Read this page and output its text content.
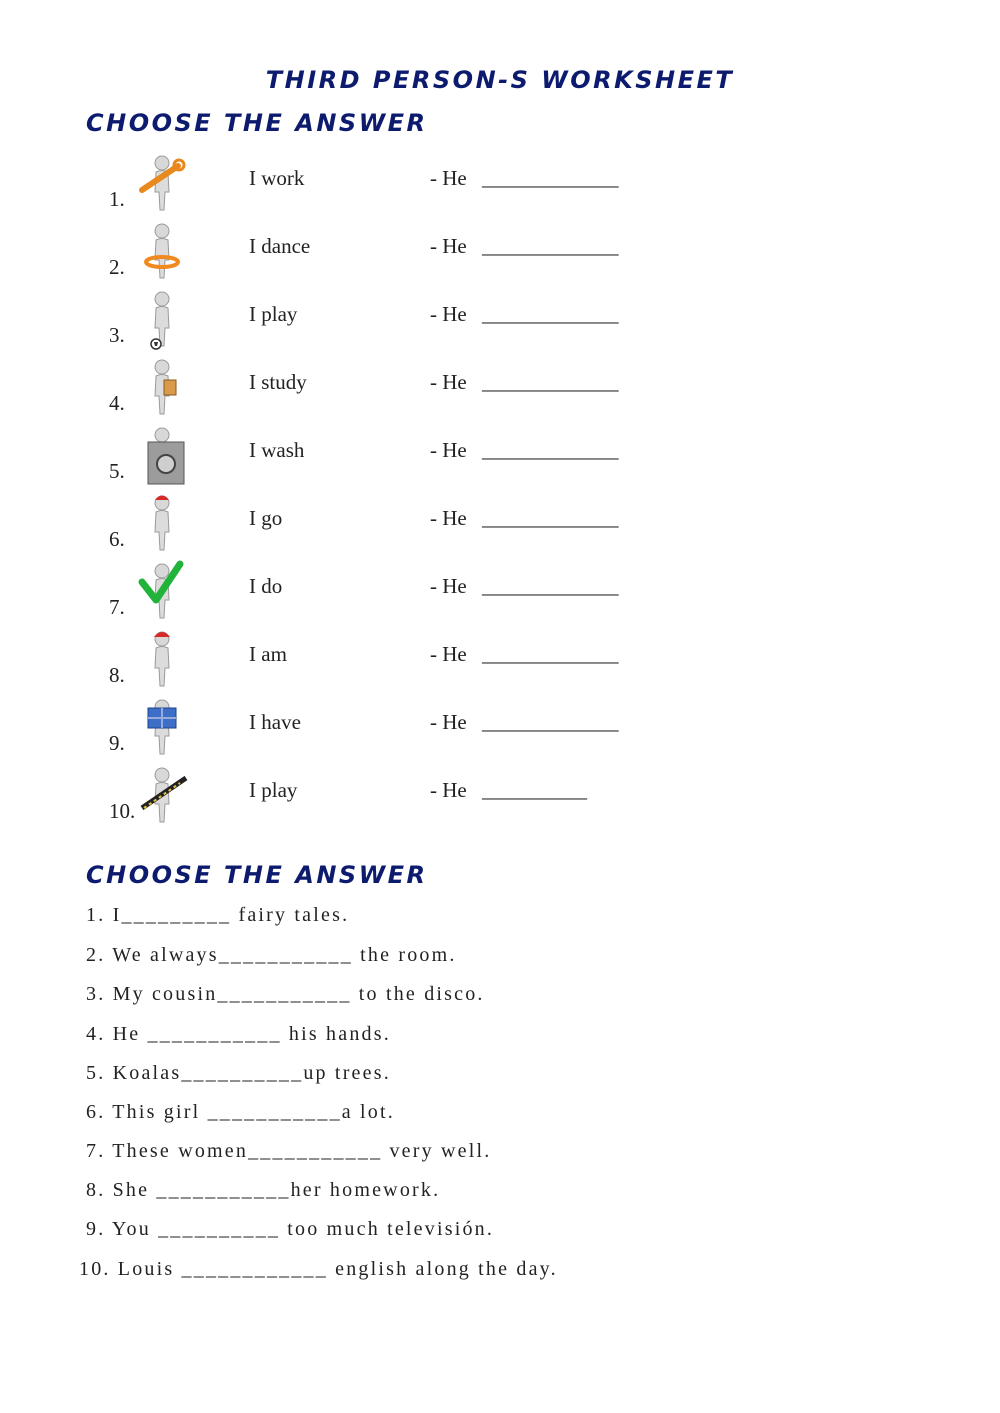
THIRD PERSON-S WORKSHEET
CHOOSE THE ANSWER
1.
I work	- He _____________
2.
I dance	- He _____________
3.
I play	- He _____________
4.
I study	- He _____________
5.
I wash	- He _____________
6.
I go	- He _____________
7.
I do	- He _____________
8.
I am	- He _____________
9.
I have	- He _____________
10.
I play	- He __________
CHOOSE THE ANSWER
1. I_________ fairy tales.
2. We always___________ the room.
3. My cousin___________ to the disco.
4. He ___________ his hands.
5. Koalas__________up trees.
6. This girl ___________a lot.
7. These women___________ very well.
8. She ___________her homework.
9. You __________ too much televisión.
10. Louis ____________ english along the day.
